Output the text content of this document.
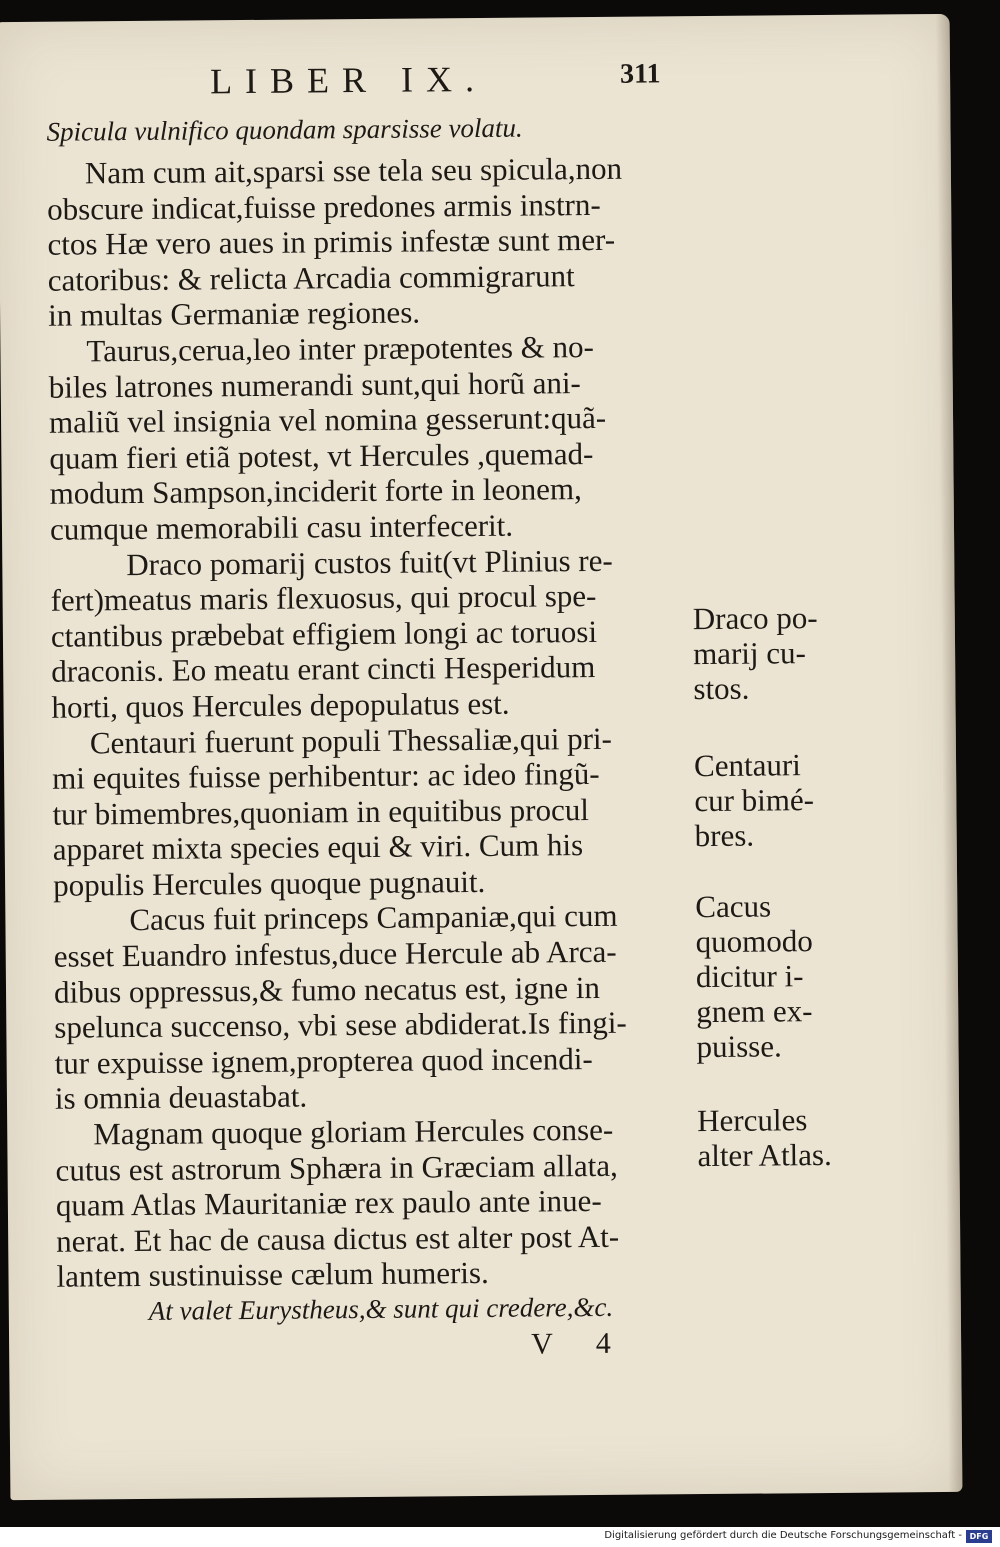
LIBER IX.	311
Spicula vulnifico quondam sparsisse volatu.
Nam cum ait,sparsi sse tela seu spicula,non
obscure indicat,fuisse predones armis instrn-
ctos Hæ vero aues in primis infestæ sunt mer-
catoribus: & relicta Arcadia commigrarunt
in multas Germaniæ regiones.
Taurus,cerua,leo inter præpotentes & no-
biles latrones numerandi sunt,qui horũ ani-
maliũ vel insignia vel nomina gesserunt:quã-
quam fieri etiã potest, vt Hercules ,quemad-
modum Sampson,inciderit forte in leonem,
cumque memorabili casu interfecerit.
Draco pomarij custos fuit(vt Plinius re-
fert)meatus maris flexuosus, qui procul spe-
ctantibus præbebat effigiem longi ac toruosi
draconis. Eo meatu erant cincti Hesperidum
horti, quos Hercules depopulatus est.
Centauri fuerunt populi Thessaliæ,qui pri-
mi equites fuisse perhibentur: ac ideo fingũ-
tur bimembres,quoniam in equitibus procul
apparet mixta species equi & viri. Cum his
populis Hercules quoque pugnauit.
Cacus fuit princeps Campaniæ,qui cum
esset Euandro infestus,duce Hercule ab Arca-
dibus oppressus,& fumo necatus est, igne in
spelunca succenso, vbi sese abdiderat.Is fingi-
tur expuisse ignem,propterea quod incendi-
is omnia deuastabat.
Magnam quoque gloriam Hercules conse-
cutus est astrorum Sphæra in Græciam allata,
quam Atlas Mauritaniæ rex paulo ante inue-
nerat. Et hac de causa dictus est alter post At-
lantem sustinuisse cælum humeris.
Draco po-
marij cu-
stos.
Centauri
cur bimé-
bres.
Cacus
quomodo
dicitur i-
gnem ex-
puisse.
Hercules
alter Atlas.
At valet Eurystheus,& sunt qui credere,&c.
V 4
Digitalisierung gefördert durch die Deutsche Forschungsgemeinschaft - DFG
